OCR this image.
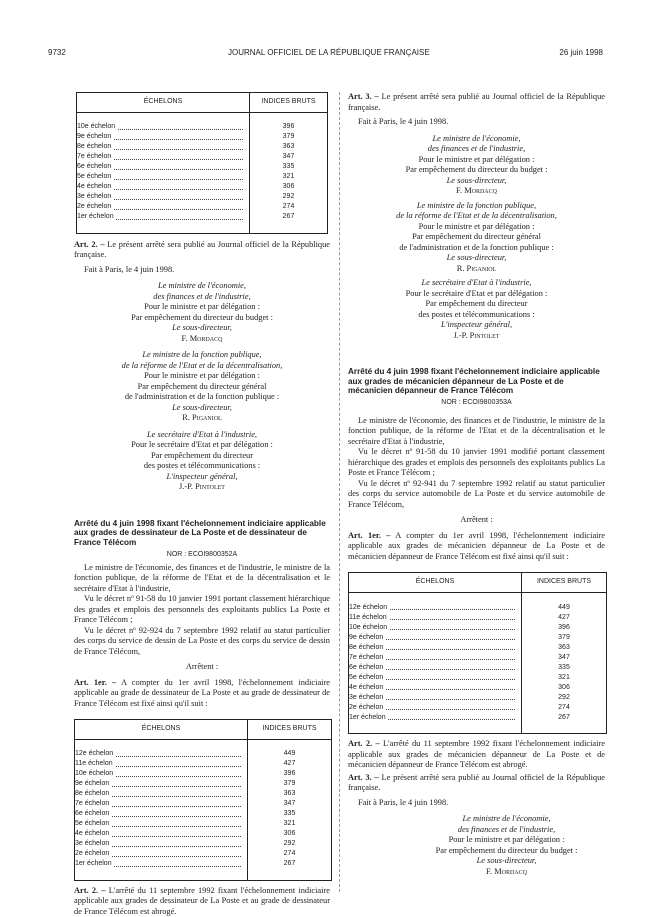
9732	JOURNAL OFFICIEL DE LA RÉPUBLIQUE FRANÇAISE	26 juin 1998
ÉCHELONS	INDICES BRUTS

10e échelon	396
9e échelon	379
8e échelon	363
7e échelon	347
6e échelon	335
5e échelon	321
4e échelon	306
3e échelon	292
2e échelon	274
1er échelon	267

Art. 2. – Le présent arrêté sera publié au Journal officiel de la République française.

Fait à Paris, le 4 juin 1998.

Le ministre de l'économie,

des finances et de l'industrie,

Pour le ministre et par délégation :

Par empêchement du directeur du budget :

Le sous-directeur,

F. Mordacq

Le ministre de la fonction publique,

de la réforme de l'Etat et de la décentralisation,

Pour le ministre et par délégation :

Par empêchement du directeur général

de l'administration et de la fonction publique :

Le sous-directeur,

R. Piganiol

Le secrétaire d'Etat à l'industrie,

Pour le secrétaire d'Etat et par délégation :

Par empêchement du directeur

des postes et télécommunications :

L'inspecteur général,

J.-P. Pintolet

Arrêté du 4 juin 1998 fixant l'échelonnement indiciaire applicable aux grades de dessinateur de La Poste et de dessinateur de France Télécom
NOR : ECOI9800352A

Le ministre de l'économie, des finances et de l'industrie, le ministre de la fonction publique, de la réforme de l'Etat et de la décentralisation et le secrétaire d'Etat à l'industrie,

Vu le décret nº 91-58 du 10 janvier 1991 portant classement hiérarchique des grades et emplois des personnels des exploitants publics La Poste et France Télécom ;

Vu le décret nº 92-924 du 7 septembre 1992 relatif au statut particulier des corps du service de dessin de La Poste et des corps du service de dessin de France Télécom,

Arrêtent :

Art. 1er. – A compter du 1er avril 1998, l'échelonnement indiciaire applicable au grade de dessinateur de La Poste et au grade de dessinateur de France Télécom est fixé ainsi qu'il suit :

ÉCHELONS	INDICES BRUTS

12e échelon	449
11e échelon	427
10e échelon	396
9e échelon	379
8e échelon	363
7e échelon	347
6e échelon	335
5e échelon	321
4e échelon	306
3e échelon	292
2e échelon	274
1er échelon	267

Art. 2. – L'arrêté du 11 septembre 1992 fixant l'échelonnement indiciaire applicable aux grades de dessinateur de La Poste et au grade de dessinateur de France Télécom est abrogé.

Art. 3. – Le présent arrêté sera publié au Journal officiel de la République française.

Fait à Paris, le 4 juin 1998.

Le ministre de l'économie,

des finances et de l'industrie,

Pour le ministre et par délégation :

Par empêchement du directeur du budget :

Le sous-directeur,

F. Mordacq

Le ministre de la fonction publique,

de la réforme de l'Etat et de la décentralisation,

Pour le ministre et par délégation :

Par empêchement du directeur général

de l'administration et de la fonction publique :

Le sous-directeur,

R. Piganiol

Le secrétaire d'Etat à l'industrie,

Pour le secrétaire d'Etat et par délégation :

Par empêchement du directeur

des postes et télécommunications :

L'inspecteur général,

J.-P. Pintolet

Arrêté du 4 juin 1998 fixant l'échelonnement indiciaire applicable aux grades de mécanicien dépanneur de La Poste et de mécanicien dépanneur de France Télécom
NOR : ECOI9800353A

Le ministre de l'économie, des finances et de l'industrie, le ministre de la fonction publique, de la réforme de l'Etat et de la décentralisation et le secrétaire d'Etat à l'industrie,

Vu le décret nº 91-58 du 10 janvier 1991 modifié portant classement hiérarchique des grades et emplois des personnels des exploitants publics La Poste et France Télécom ;

Vu le décret nº 92-941 du 7 septembre 1992 relatif au statut particulier des corps du service automobile de La Poste et du service automobile de France Télécom,

Arrêtent :

Art. 1er. – A compter du 1er avril 1998, l'échelonnement indiciaire applicable aux grades de mécanicien dépanneur de La Poste et de mécanicien dépanneur de France Télécom est fixé ainsi qu'il suit :

ÉCHELONS	INDICES BRUTS

12e échelon	449
11e échelon	427
10e échelon	396
9e échelon	379
8e échelon	363
7e échelon	347
6e échelon	335
5e échelon	321
4e échelon	306
3e échelon	292
2e échelon	274
1er échelon	267

Art. 2. – L'arrêté du 11 septembre 1992 fixant l'échelonnement indiciaire applicable aux grades de mécanicien dépanneur de La Poste et de mécanicien dépanneur de France Télécom est abrogé.

Art. 3. – Le présent arrêté sera publié au Journal officiel de la République française.

Fait à Paris, le 4 juin 1998.

Le ministre de l'économie,

des finances et de l'industrie,

Pour le ministre et par délégation :

Par empêchement du directeur du budget :

Le sous-directeur,

F. Mordacq
